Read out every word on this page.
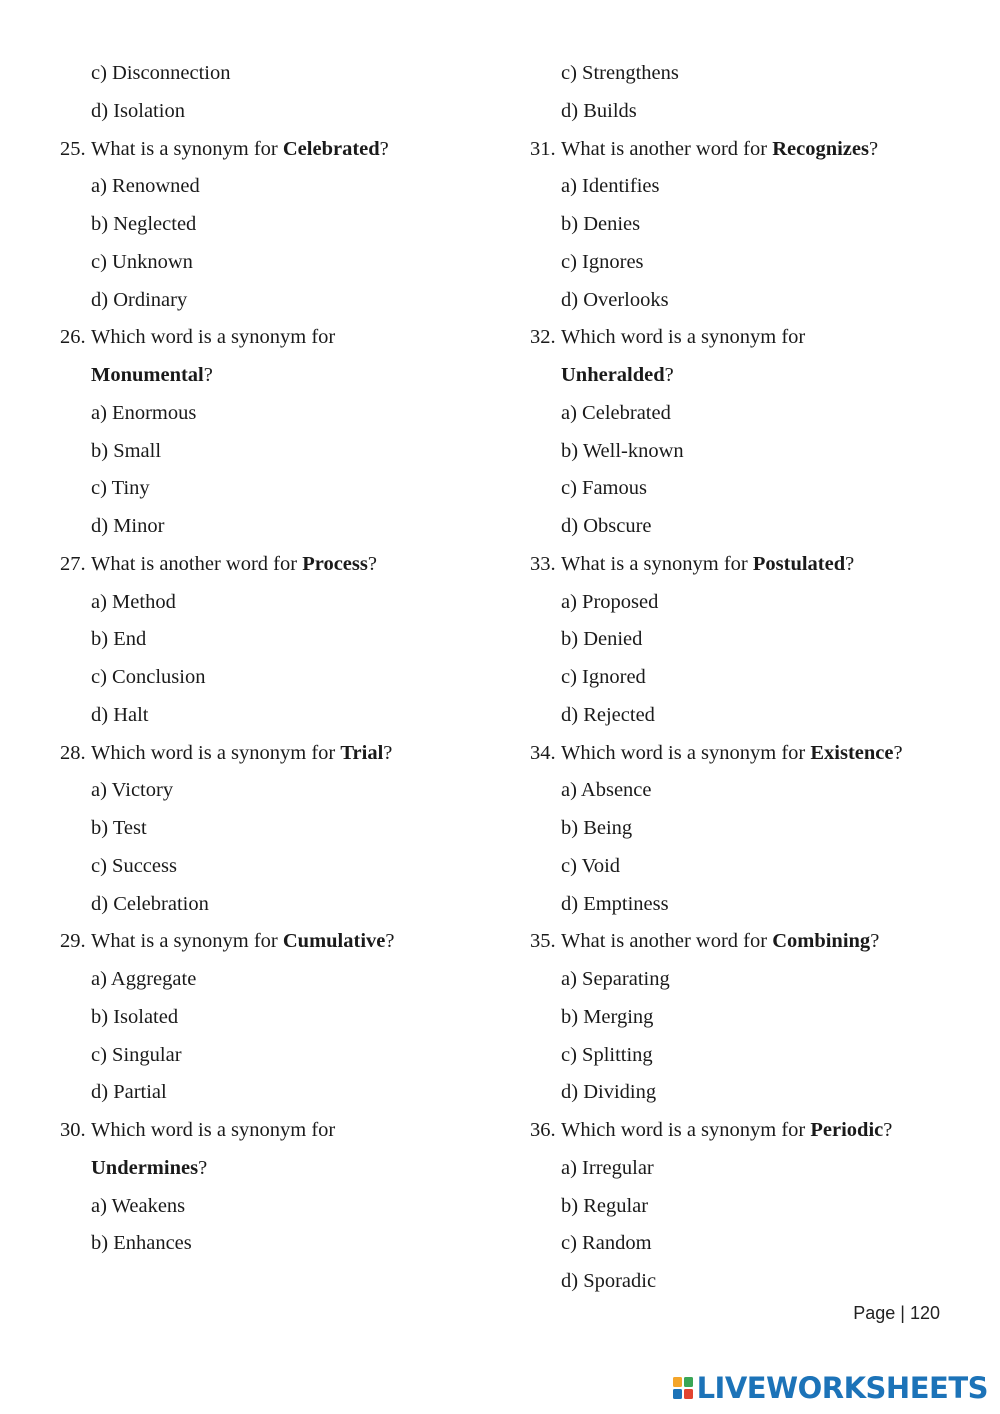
c) Disconnection
d) Isolation
25. What is a synonym for Celebrated?
a) Renowned
b) Neglected
c) Unknown
d) Ordinary
26. Which word is a synonym for
Monumental?
a) Enormous
b) Small
c) Tiny
d) Minor
27. What is another word for Process?
a) Method
b) End
c) Conclusion
d) Halt
28. Which word is a synonym for Trial?
a) Victory
b) Test
c) Success
d) Celebration
29. What is a synonym for Cumulative?
a) Aggregate
b) Isolated
c) Singular
d) Partial
30. Which word is a synonym for
Undermines?
a) Weakens
b) Enhances
c) Strengthens
d) Builds
31. What is another word for Recognizes?
a) Identifies
b) Denies
c) Ignores
d) Overlooks
32. Which word is a synonym for
Unheralded?
a) Celebrated
b) Well-known
c) Famous
d) Obscure
33. What is a synonym for Postulated?
a) Proposed
b) Denied
c) Ignored
d) Rejected
34. Which word is a synonym for Existence?
a) Absence
b) Being
c) Void
d) Emptiness
35. What is another word for Combining?
a) Separating
b) Merging
c) Splitting
d) Dividing
36. Which word is a synonym for Periodic?
a) Irregular
b) Regular
c) Random
d) Sporadic
Page | 120
LIVEWORKSHEETS
